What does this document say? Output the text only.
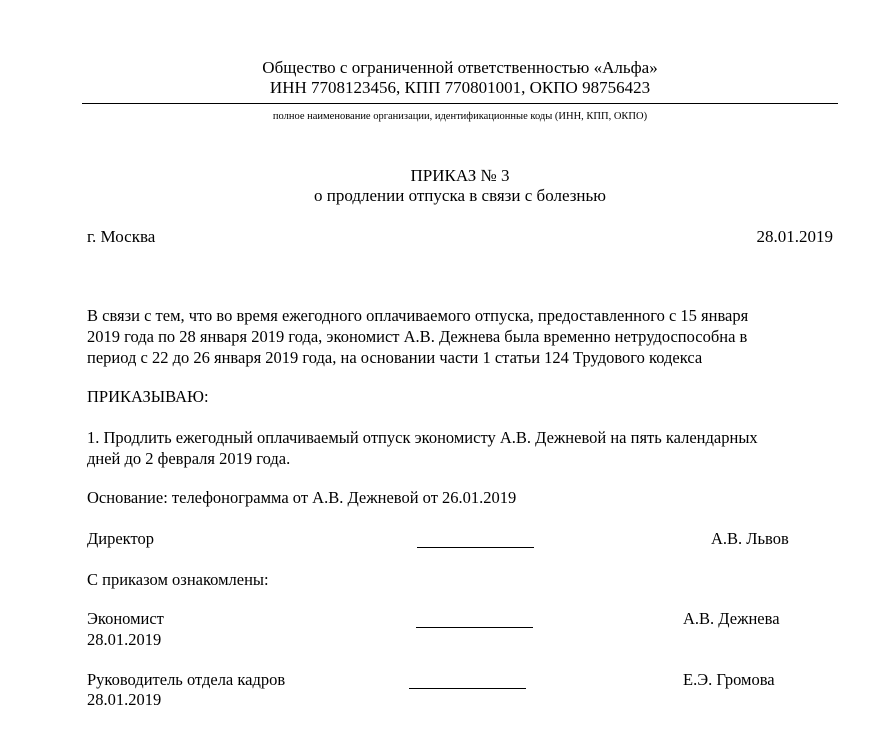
Общество с ограниченной ответственностью «Альфа»
ИНН 7708123456, КПП 770801001, ОКПО 98756423
полное наименование организации, идентификационные коды (ИНН, КПП, ОКПО)
ПРИКАЗ № 3
о продлении отпуска в связи с болезнью
г. Москва	28.01.2019
В связи с тем, что во время ежегодного оплачиваемого отпуска, предоставленного с 15 января
2019 года по 28 января 2019 года, экономист А.В. Дежнева была временно нетрудоспособна в
период с 22 до 26 января 2019 года, на основании части 1 статьи 124 Трудового кодекса
ПРИКАЗЫВАЮ:
1. Продлить ежегодный оплачиваемый отпуск экономисту А.В. Дежневой на пять календарных
дней до 2 февраля 2019 года.
Основание: телефонограмма от А.В. Дежневой от 26.01.2019
Директор	А.В. Львов
С приказом ознакомлены:
Экономист
28.01.2019
А.В. Дежнева
Руководитель отдела кадров
28.01.2019
Е.Э. Громова
